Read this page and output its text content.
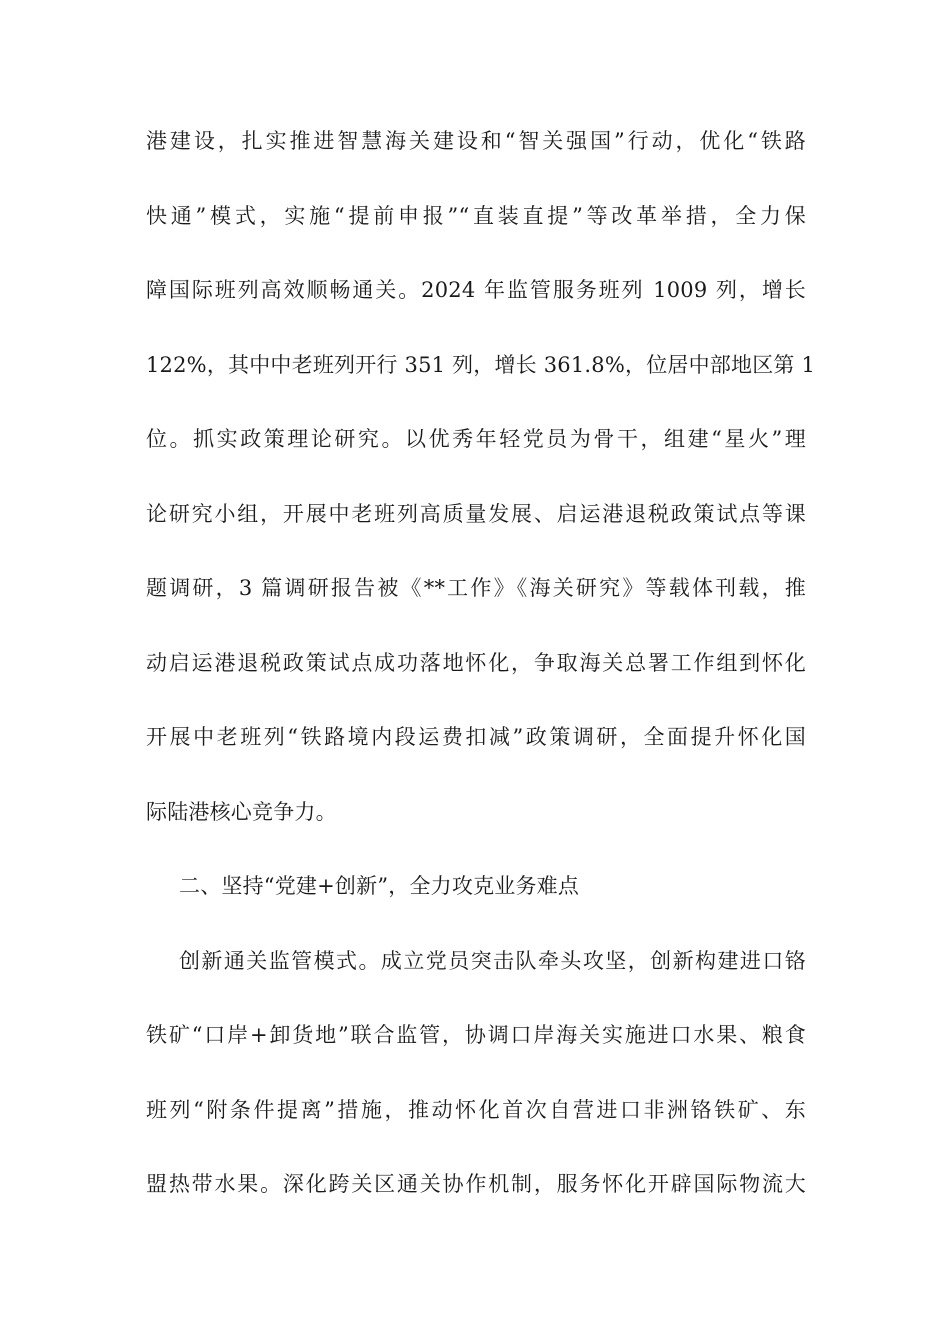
港建设，扎实推进智慧海关建设和“智关强国”行动，优化“铁路
快通”模式，实施“提前申报”“直装直提”等改革举措，全力保
障国际班列高效顺畅通关。2024 年监管服务班列 1009 列，增长
122%，其中中老班列开行 351 列，增长 361.8%，位居中部地区第 1
位。抓实政策理论研究。以优秀年轻党员为骨干，组建“星火”理
论研究小组，开展中老班列高质量发展、启运港退税政策试点等课
题调研，3 篇调研报告被《**工作》《海关研究》等载体刊载，推
动启运港退税政策试点成功落地怀化，争取海关总署工作组到怀化
开展中老班列“铁路境内段运费扣减”政策调研，全面提升怀化国
际陆港核心竞争力。
二、坚持“党建+创新”，全力攻克业务难点
创新通关监管模式。成立党员突击队牵头攻坚，创新构建进口铬
铁矿“口岸+卸货地”联合监管，协调口岸海关实施进口水果、粮食
班列“附条件提离”措施，推动怀化首次自营进口非洲铬铁矿、东
盟热带水果。深化跨关区通关协作机制，服务怀化开辟国际物流大
